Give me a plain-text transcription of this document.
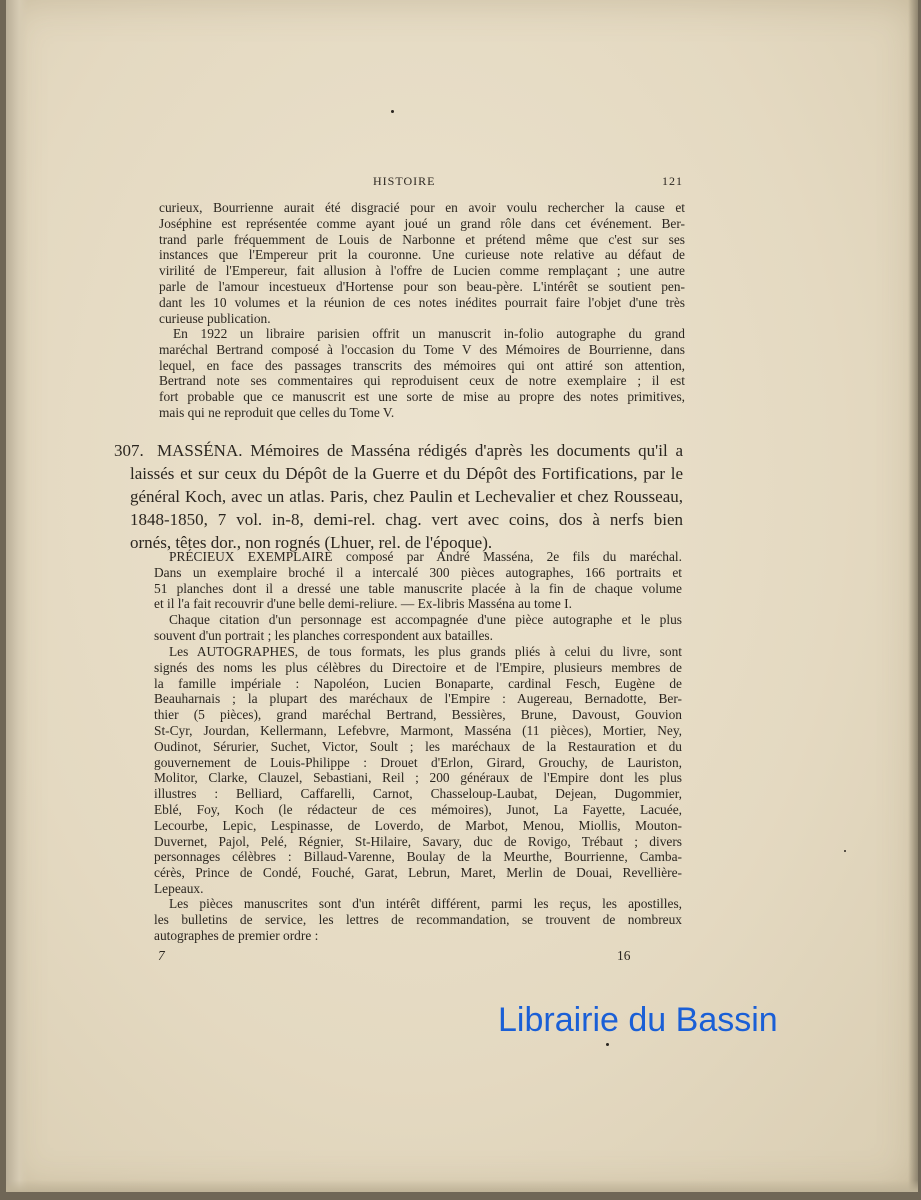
HISTOIRE	121
curieux, Bourrienne aurait été disgracié pour en avoir voulu rechercher la cause et
Joséphine est représentée comme ayant joué un grand rôle dans cet événement. Ber-
trand parle fréquemment de Louis de Narbonne et prétend même que c'est sur ses
instances que l'Empereur prit la couronne. Une curieuse note relative au défaut de
virilité de l'Empereur, fait allusion à l'offre de Lucien comme remplaçant ; une autre
parle de l'amour incestueux d'Hortense pour son beau-père. L'intérêt se soutient pen-
dant les 10 volumes et la réunion de ces notes inédites pourrait faire l'objet d'une très
curieuse publication.
En 1922 un libraire parisien offrit un manuscrit in-folio autographe du grand
maréchal Bertrand composé à l'occasion du Tome V des Mémoires de Bourrienne, dans
lequel, en face des passages transcrits des mémoires qui ont attiré son attention,
Bertrand note ses commentaires qui reproduisent ceux de notre exemplaire ; il est
fort probable que ce manuscrit est une sorte de mise au propre des notes primitives,
mais qui ne reproduit que celles du Tome V.
307. MASSÉNA. Mémoires de Masséna rédigés d'après les documents qu'il a
laissés et sur ceux du Dépôt de la Guerre et du Dépôt des Fortifications, par le
général Koch, avec un atlas. Paris, chez Paulin et Lechevalier et chez Rousseau,
1848-1850, 7 vol. in-8, demi-rel. chag. vert avec coins, dos à nerfs bien
ornés, têtes dor., non rognés (Lhuer, rel. de l'époque).
PRÉCIEUX EXEMPLAIRE composé par André Masséna, 2e fils du maréchal.
Dans un exemplaire broché il a intercalé 300 pièces autographes, 166 portraits et
51 planches dont il a dressé une table manuscrite placée à la fin de chaque volume
et il l'a fait recouvrir d'une belle demi-reliure. — Ex-libris Masséna au tome I.
Chaque citation d'un personnage est accompagnée d'une pièce autographe et le plus
souvent d'un portrait ; les planches correspondent aux batailles.
Les AUTOGRAPHES, de tous formats, les plus grands pliés à celui du livre, sont
signés des noms les plus célèbres du Directoire et de l'Empire, plusieurs membres de
la famille impériale : Napoléon, Lucien Bonaparte, cardinal Fesch, Eugène de
Beauharnais ; la plupart des maréchaux de l'Empire : Augereau, Bernadotte, Ber-
thier (5 pièces), grand maréchal Bertrand, Bessières, Brune, Davoust, Gouvion
St-Cyr, Jourdan, Kellermann, Lefebvre, Marmont, Masséna (11 pièces), Mortier, Ney,
Oudinot, Sérurier, Suchet, Victor, Soult ; les maréchaux de la Restauration et du
gouvernement de Louis-Philippe : Drouet d'Erlon, Girard, Grouchy, de Lauriston,
Molitor, Clarke, Clauzel, Sebastiani, Reil ; 200 généraux de l'Empire dont les plus
illustres : Belliard, Caffarelli, Carnot, Chasseloup-Laubat, Dejean, Dugommier,
Eblé, Foy, Koch (le rédacteur de ces mémoires), Junot, La Fayette, Lacuée,
Lecourbe, Lepic, Lespinasse, de Loverdo, de Marbot, Menou, Miollis, Mouton-
Duvernet, Pajol, Pelé, Régnier, St-Hilaire, Savary, duc de Rovigo, Trébaut ; divers
personnages célèbres : Billaud-Varenne, Boulay de la Meurthe, Bourrienne, Camba-
cérès, Prince de Condé, Fouché, Garat, Lebrun, Maret, Merlin de Douai, Revellière-
Lepeaux.
Les pièces manuscrites sont d'un intérêt différent, parmi les reçus, les apostilles,
les bulletins de service, les lettres de recommandation, se trouvent de nombreux
autographes de premier ordre :
7	16
Librairie du Bassin
